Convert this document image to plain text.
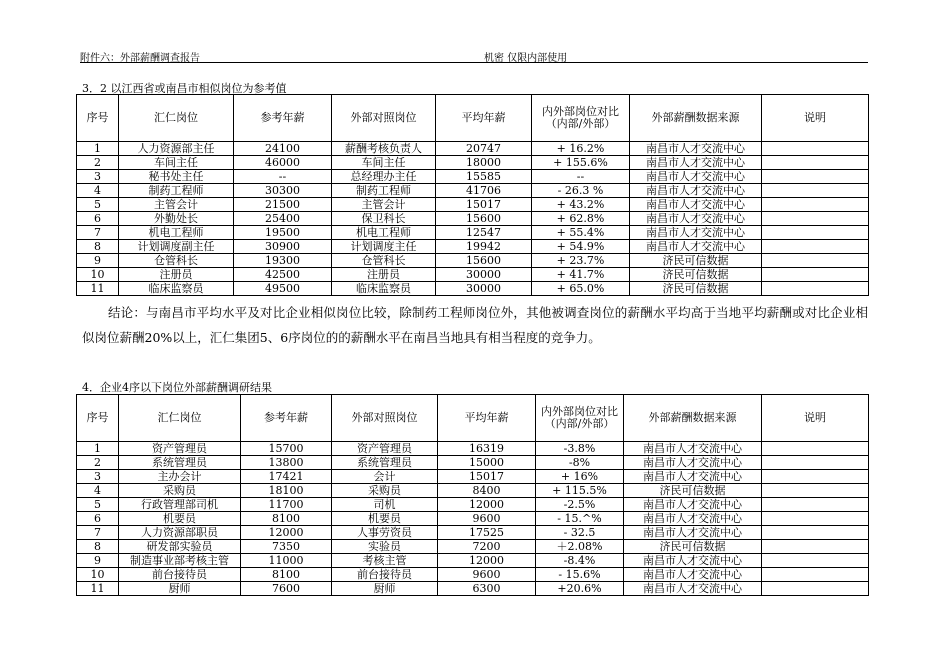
附件六：外部薪酬调查报告	机密 仅限内部使用
3．2 以江西省或南昌市相似岗位为参考值
序号	汇仁岗位	参考年薪	外部对照岗位	平均年薪	内外部岗位对比（内部/外部）	外部薪酬数据来源	说明
1	人力资源部主任	24100	薪酬考核负责人	20747	+ 16.2%	南昌市人才交流中心	
2	车间主任	46000	车间主任	18000	+ 155.6%	南昌市人才交流中心	
3	秘书处主任	--	总经理办主任	15585	--	南昌市人才交流中心	
4	制药工程师	30300	制药工程师	41706	- 26.3 %	南昌市人才交流中心	
5	主管会计	21500	主管会计	15017	+ 43.2%	南昌市人才交流中心	
6	外勤处长	25400	保卫科长	15600	+ 62.8%	南昌市人才交流中心	
7	机电工程师	19500	机电工程师	12547	+ 55.4%	南昌市人才交流中心	
8	计划调度副主任	30900	计划调度主任	19942	+ 54.9%	南昌市人才交流中心	
9	仓管科长	19300	仓管科长	15600	+ 23.7%	济民可信数据	
10	注册员	42500	注册员	30000	+ 41.7%	济民可信数据	
11	临床监察员	49500	临床监察员	30000	+ 65.0%	济民可信数据	
结论：与南昌市平均水平及对比企业相似岗位比较，除制药工程师岗位外，其他被调查岗位的薪酬水平均高于当地平均薪酬或对比企业相似岗位薪酬20%以上，汇仁集团5、6序岗位的的薪酬水平在南昌当地具有相当程度的竞争力。
4．企业4序以下岗位外部薪酬调研结果
序号	汇仁岗位	参考年薪	外部对照岗位	平均年薪	内外部岗位对比（内部/外部）	外部薪酬数据来源	说明
1	资产管理员	15700	资产管理员	16319	-3.8%	南昌市人才交流中心	
2	系统管理员	13800	系统管理员	15000	-8%	南昌市人才交流中心	
3	主办会计	17421	会计	15017	+ 16%	南昌市人才交流中心	
4	采购员	18100	采购员	8400	+ 115.5%	济民可信数据	
5	行政管理部司机	11700	司机	12000	-2.5%	南昌市人才交流中心	
6	机要员	8100	机要员	9600	- 15.^%	南昌市人才交流中心	
7	人力资源部职员	12000	人事劳资员	17525	- 32.5	南昌市人才交流中心	
8	研发部实验员	7350	实验员	7200	＋2.08%	济民可信数据	
9	制造事业部考核主管	11000	考核主管	12000	-8.4%	南昌市人才交流中心	
10	前台接待员	8100	前台接待员	9600	- 15.6%	南昌市人才交流中心	
11	厨师	7600	厨师	6300	+20.6%	南昌市人才交流中心	
